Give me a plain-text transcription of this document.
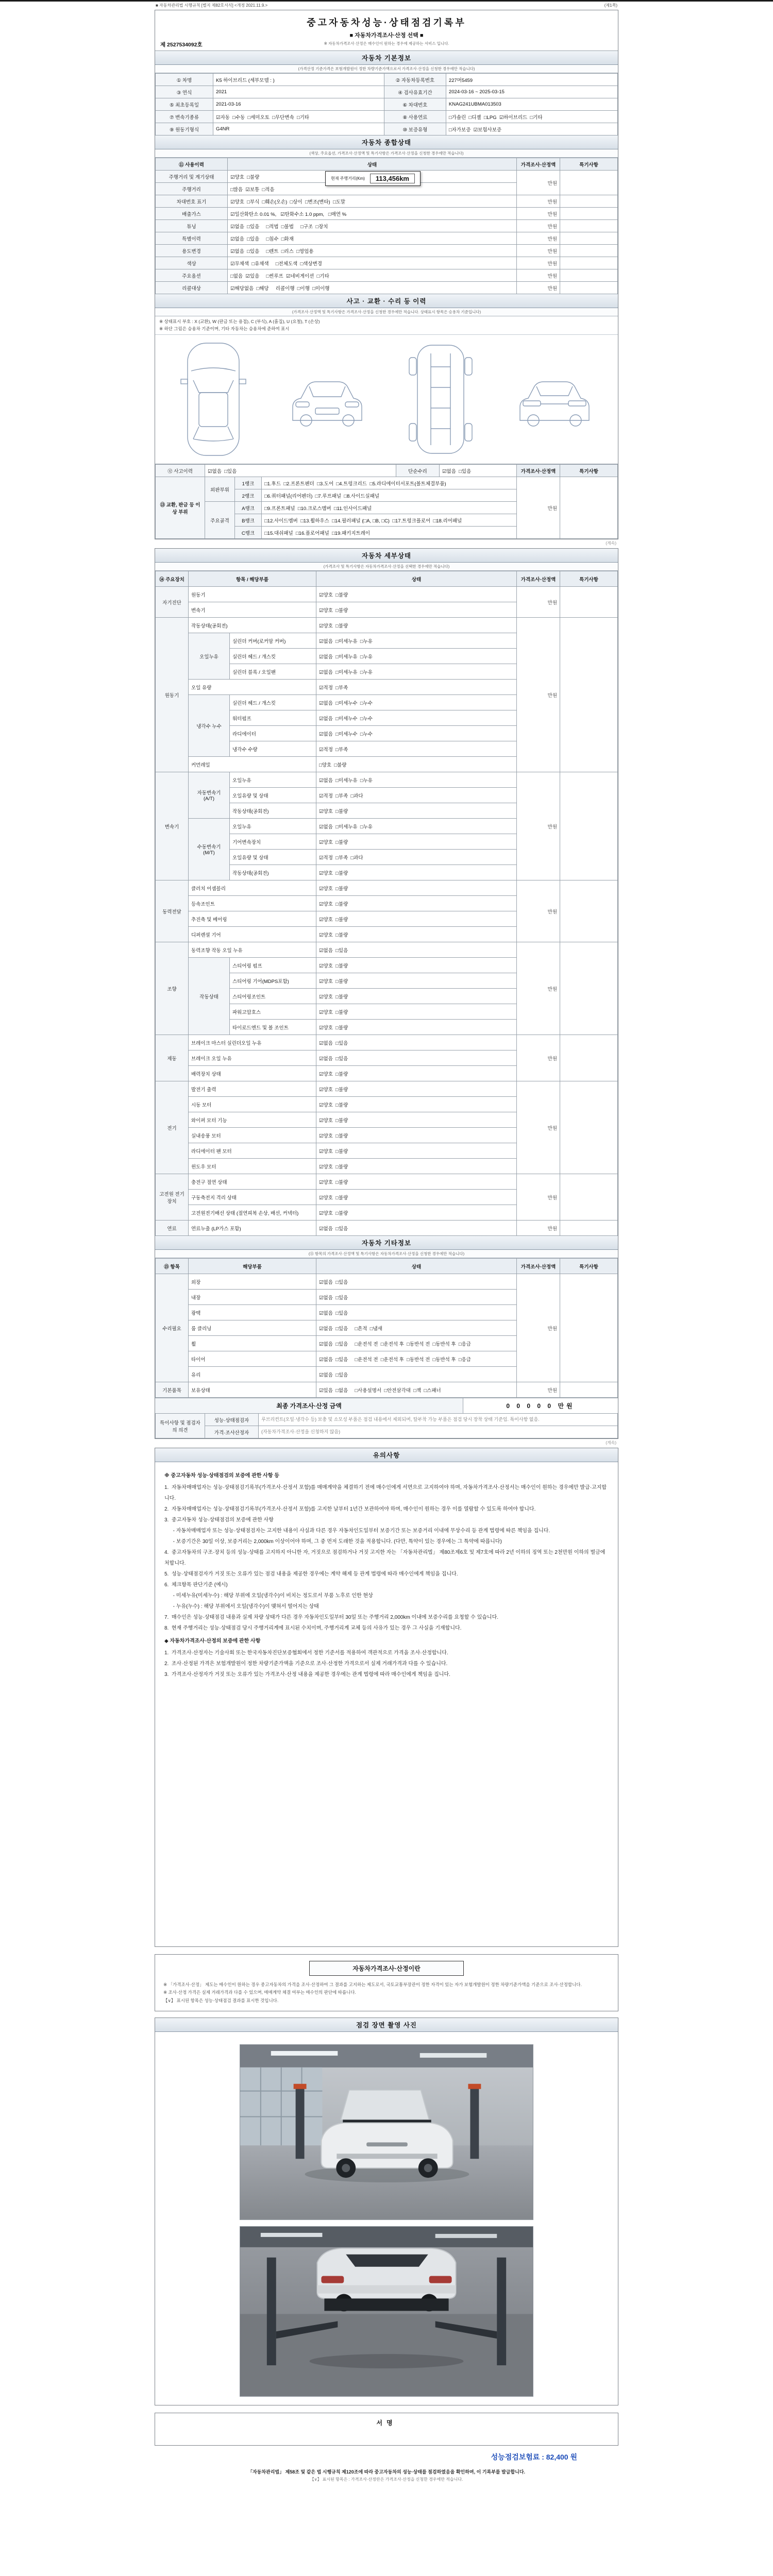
■ 자동차관리법 시행규칙 [별지 제82호서식] <개정 2021.11.9.>	(제1쪽)
중고자동차성능·상태점검기록부
■ 자동차가격조사·산정 선택 ■
※ 자동차가격조사·산정은 매수인이 원하는 경우에 제공하는 서비스 입니다.
제 2527534092호
자동차 기본정보
(가격산정 기준가격은 보험개발원이 정한 차량기준가액으로서 가격조사·산정을 신청한 경우에만 적습니다)
① 차명	K5 하이브리드 (세부모델 : )	② 자동차등록번호	227머5459
③ 연식	2021	④ 검사유효기간	2024-03-16 ~ 2025-03-15
⑤ 최초등록일	2021-03-16	⑥ 차대번호	KNAG241UBMA013503
⑦ 변속기종류	☑자동  □수동  □세미오토  □무단변속  □기타	⑧ 사용연료	□가솔린  □디젤  □LPG  ☑하이브리드  □기타
⑨ 원동기형식	G4NR	⑩ 보증유형	□자가보증  ☑보험사보증
자동차 종합상태
(색상, 주요옵션, 가격조사·산정액 및 특기사항은 가격조사·산정을 신청한 경우에만 적습니다)
현재 주행거리(Km)	113,456km
⑪ 사용이력	상태	가격조사·산정액	특기사항
주행거리 및 계기상태	☑양호  □불량	만원	
주행거리	□많음  ☑보통  □적음		
차대번호 표기	☑양호  □부식  □훼손(오손)  □상이  □변조(변타)  □도말	만원	
배출가스	☑일산화탄소 0.01 %,   ☑탄화수소 1.0 ppm,   □매연 %	만원	
튜닝	☑없음  □있음     □적법  □불법     □구조  □장치	만원	
특별이력	☑없음  □있음     □침수  □화재	만원	
용도변경	☑없음  □있음     □렌트  □리스  □영업용	만원	
색상	☑무채색  □유채색     □전체도색  □색상변경	만원	
주요옵션	□없음  ☑있음     □썬루프  ☑네비게이션  □기타	만원	
리콜대상	☑해당없음  □해당     리콜이행  □이행  □미이행	만원	
사고 · 교환 · 수리 등 이력
(가격조사·산정액 및 특기사항은 가격조사·산정을 신청한 경우에만 적습니다. 상태표시 항목은 승용차 기준입니다)
※ 상태표시 부호 : X (교환), W (판금 또는 용접), C (부식), A (흠집), U (요철), T (손상)
※ 하단 그림은 승용차 기준이며, 기타 자동차는 승용차에 준하여 표시
⑫ 사고이력	☑없음  □있음	단순수리	☑없음  □있음	가격조사·산정액	특기사항
⑬ 교환, 판금 등 이상 부위	외판부위	1랭크	□1.후드  □2.프론트펜더  □3.도어  □4.트렁크리드  □5.라디에이터서포트(볼트체결부품)	만원	
		2랭크	□6.쿼터패널(리어펜더)  □7.루프패널  □8.사이드실패널		
	주요골격	A랭크	□9.프론트패널  □10.크로스멤버  □11.인사이드패널		
		B랭크	□12.사이드멤버  □13.휠하우스  □14.필러패널 (□A, □B, □C)  □17.트렁크플로어  □18.리어패널		
		C랭크	□15.대쉬패널  □16.플로어패널  □19.패키지트레이		
(계속)
자동차 세부상태
(가격조사 및 특기사항은 자동차가격조사·산정을 선택한 경우에만 적습니다)
⑭ 주요장치	항목 / 해당부품		상태	가격조사·산정액	특기사항
자기진단	원동기		☑양호  □불량	만원	
	변속기		☑양호  □불량		
원동기	작동상태(공회전)		☑양호  □불량	만원	
	오일누유	실린더 커버(로커암 커버)	☑없음  □미세누유  □누유		
		실린더 헤드 / 개스킷	☑없음  □미세누유  □누유		
		실린더 블록 / 오일팬	☑없음  □미세누유  □누유		
	오일 유량		☑적정  □부족		
	냉각수 누수	실린더 헤드 / 개스킷	☑없음  □미세누수  □누수		
		워터펌프	☑없음  □미세누수  □누수		
		라디에이터	☑없음  □미세누수  □누수		
		냉각수 수량	☑적정  □부족		
	커먼레일		□양호  □불량		
변속기	자동변속기 (A/T)	오일누유	☑없음  □미세누유  □누유	만원	
		오일유량 및 상태	☑적정  □부족  □과다		
		작동상태(공회전)	☑양호  □불량		
	수동변속기 (M/T)	오일누유	☑없음  □미세누유  □누유		
		기어변속장치	☑양호  □불량		
		오일유량 및 상태	☑적정  □부족  □과다		
		작동상태(공회전)	☑양호  □불량		
동력전달	클러치 어셈블리		☑양호  □불량	만원	
	등속조인트		☑양호  □불량		
	추진축 및 베어링		☑양호  □불량		
	디퍼렌셜 기어		☑양호  □불량		
조향	동력조향 작동 오일 누유		☑없음  □있음	만원	
	작동상태	스티어링 펌프	☑양호  □불량		
		스티어링 기어(MDPS포함)	☑양호  □불량		
		스티어링조인트	☑양호  □불량		
		파워고압호스	☑양호  □불량		
		타이로드엔드 및 볼 조인트	☑양호  □불량		
제동	브레이크 마스터 실린더오일 누유		☑없음  □있음	만원	
	브레이크 오일 누유		☑없음  □있음		
	배력장치 상태		☑양호  □불량		
전기	발전기 출력		☑양호  □불량	만원	
	시동 모터		☑양호  □불량		
	와이퍼 모터 기능		☑양호  □불량		
	실내송풍 모터		☑양호  □불량		
	라디에이터 팬 모터		☑양호  □불량		
	윈도우 모터		☑양호  □불량		
고전원 전기장치	충전구 절연 상태		☑양호  □불량	만원	
	구동축전지 격리 상태		☑양호  □불량		
	고전원전기배선 상태 (절연피복 손상, 배선, 커넥터)		☑양호  □불량		
연료	연료누출 (LP가스 포함)		☑없음  □있음	만원	
자동차 기타정보
(⑮ 항목의 가격조사·산정액 및 특기사항은 자동차가격조사·산정을 신청한 경우에만 적습니다)
⑮ 항목	해당부품	상태	가격조사·산정액	특기사항
수리필요	외장	☑없음  □있음	만원	
	내장	☑없음  □있음		
	광택	☑없음  □있음		
	룸 클리닝	☑없음  □있음     □흔적  □냄새		
	휠	☑없음  □있음     □운전석 전  □운전석 후  □동반석 전  □동반석 후  □응급		
	타이어	☑없음  □있음     □운전석 전  □운전석 후  □동반석 전  □동반석 후  □응급		
	유리	☑없음  □있음		
기본품목	보유상태	☑있음  □없음     □사용설명서  □안전삼각대  □잭  □스패너	만원	
최종 가격조사·산정 금액	0 0 0 0 0 만원
특이사항 및 점검자의 의견	성능·상태점검자	루브리컨트(오일·냉각수 등) 보충 및 소모성 부품은 점검 내용에서 제외되며, 탈부착 가능 부품은 점검 당시 장착 상태 기준임. 특이사항 없음.
	가격·조사산정자	(자동차가격조사·산정을 신청하지 않음)
(계속)
유의사항

※ 중고자동차 성능·상태점검의 보증에 관한 사항 등

1.  자동차매매업자는 성능·상태점검기록부(가격조사·산정서 포함)를 매매계약을 체결하기 전에 매수인에게 서면으로 고지하여야 하며, 자동차가격조사·산정서는 매수인이 원하는 경우에만 발급·고지합니다.

2.  자동차매매업자는 성능·상태점검기록부(가격조사·산정서 포함)를 고지한 날부터 1년간 보관하여야 하며, 매수인이 원하는 경우 이를 열람할 수 있도록 하여야 합니다.

3.  중고자동차 성능·상태점검의 보증에 관한 사항

- 자동차매매업자 또는 성능·상태점검자는 고지한 내용이 사실과 다른 경우 자동차인도일부터 보증기간 또는 보증거리 이내에 무상수리 등 관계 법령에 따른 책임을 집니다.

- 보증기간은 30일 이상, 보증거리는 2,000km 이상이어야 하며, 그 중 먼저 도래한 것을 적용합니다. (다만, 특약이 있는 경우에는 그 특약에 따릅니다)

4.  중고자동차의 구조·장치 등의 성능·상태를 고지하지 아니한 자, 거짓으로 점검하거나 거짓 고지한 자는 「자동차관리법」 제80조제6호 및 제7호에 따라 2년 이하의 징역 또는 2천만원 이하의 벌금에 처합니다.

5.  성능·상태점검자가 거짓 또는 오류가 있는 점검 내용을 제공한 경우에는 계약 해제 등 관계 법령에 따라 매수인에게 책임을 집니다.

6.  체크항목 판단기준 (예시)

- 미세누유(미세누수) : 해당 부위에 오일(냉각수)이 비치는 정도로서 부품 노후로 인한 현상

- 누유(누수) : 해당 부위에서 오일(냉각수)이 맺혀서 떨어지는 상태

7.  매수인은 성능·상태점검 내용과 실제 차량 상태가 다른 경우 자동차인도일부터 30일 또는 주행거리 2,000km 이내에 보증수리를 요청할 수 있습니다.

8.  현재 주행거리는 성능·상태점검 당시 주행거리계에 표시된 수치이며, 주행거리계 교체 등의 사유가 있는 경우 그 사실을 기재합니다.

◆ 자동차가격조사·산정의 보증에 관한 사항

1.  가격조사·산정자는 기술사회 또는 한국자동차진단보증협회에서 정한 기준서를 적용하여 객관적으로 가격을 조사·산정합니다.

2.  조사·산정된 가격은 보험개발원이 정한 차량기준가액을 기준으로 조사·산정한 가격으로서 실제 거래가격과 다를 수 있습니다.

3.  가격조사·산정자가 거짓 또는 오류가 있는 가격조사·산정 내용을 제공한 경우에는 관계 법령에 따라 매수인에게 책임을 집니다.

자동차가격조사·산정이란

※ 「가격조사·산정」 제도는 매수인이 원하는 경우 중고자동차의 가격을 조사·산정하여 그 결과를 고지하는 제도로서, 국토교통부장관이 정한 자격이 있는 자가 보험개발원이 정한 차량기준가액을 기준으로 조사·산정합니다.

※ 조사·산정 가격은 실제 거래가격과 다를 수 있으며, 매매계약 체결 여부는 매수인의 판단에 따릅니다.

【∨】 표시된 항목은 성능·상태점검 결과를 표시한 것입니다.

점검 장면 촬영 사진
서명
성능점검보험료 : 82,400 원
「자동차관리법」 제58조 및 같은 법 시행규칙 제120조에 따라 중고자동차의 성능·상태를 점검하였음을 확인하며, 이 기록부를 발급합니다.
【∨】 표시된 항목은 : 가격조사·산정란은 가격조사·산정을 신청한 경우에만 적습니다.
